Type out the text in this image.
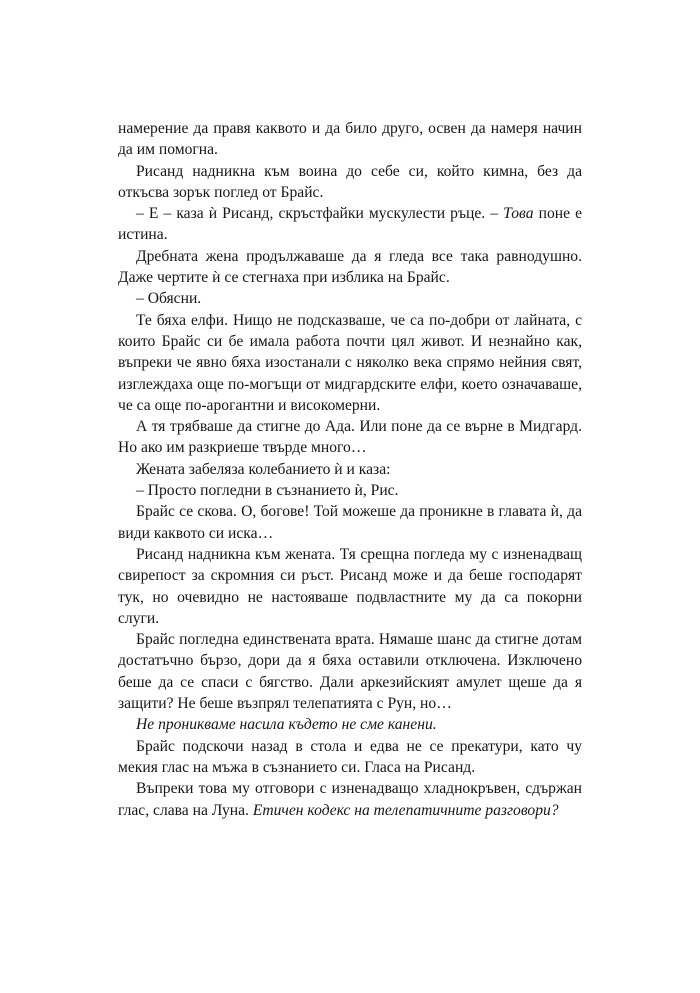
намерение да правя каквото и да било друго, освен да намеря начин да им помогна.

Рисанд надникна към воина до себе си, който кимна, без да откъсва зорък поглед от Брайс.

– Е – каза ѝ Рисанд, скръстфайки мускулести ръце. – Това поне е истина.

Дребната жена продължаваше да я гледа все така равнодушно. Даже чертите ѝ се стегнаха при изблика на Брайс.

– Обясни.

Те бяха елфи. Нищо не подсказваше, че са по-добри от лайната, с които Брайс си бе имала работа почти цял живот. И незнайно как, въпреки че явно бяха изостанали с няколко века спрямо нейния свят, изглеждаха още по-могъщи от мидгардските елфи, което означаваше, че са още по-арогантни и високомерни.

А тя трябваше да стигне до Ада. Или поне да се върне в Мидгард. Но ако им разкриеше твърде много…

Жената забеляза колебанието ѝ и каза:

– Просто погледни в съзнанието ѝ, Рис.

Брайс се скова. О, богове! Той можеше да проникне в главата ѝ, да види каквото си иска…

Рисанд надникна към жената. Тя срещна погледа му с изненадващ свирепост за скромния си ръст. Рисанд може и да беше господарят тук, но очевидно не настояваше подвластните му да са покорни слуги.

Брайс погледна единствената врата. Нямаше шанс да стигне дотам достатъчно бързо, дори да я бяха оставили отключена. Изключено беше да се спаси с бягство. Дали аркезийският амулет щеше да я защити? Не беше възпрял телепатията с Рун, но…

Не проникваме насила където не сме канени.

Брайс подскочи назад в стола и едва не се прекатури, като чу мекия глас на мъжа в съзнанието си. Гласа на Рисанд.

Въпреки това му отговори с изненадващо хладнокръвен, сдържан глас, слава на Луна. Етичен кодекс на телепатичните разговори?
